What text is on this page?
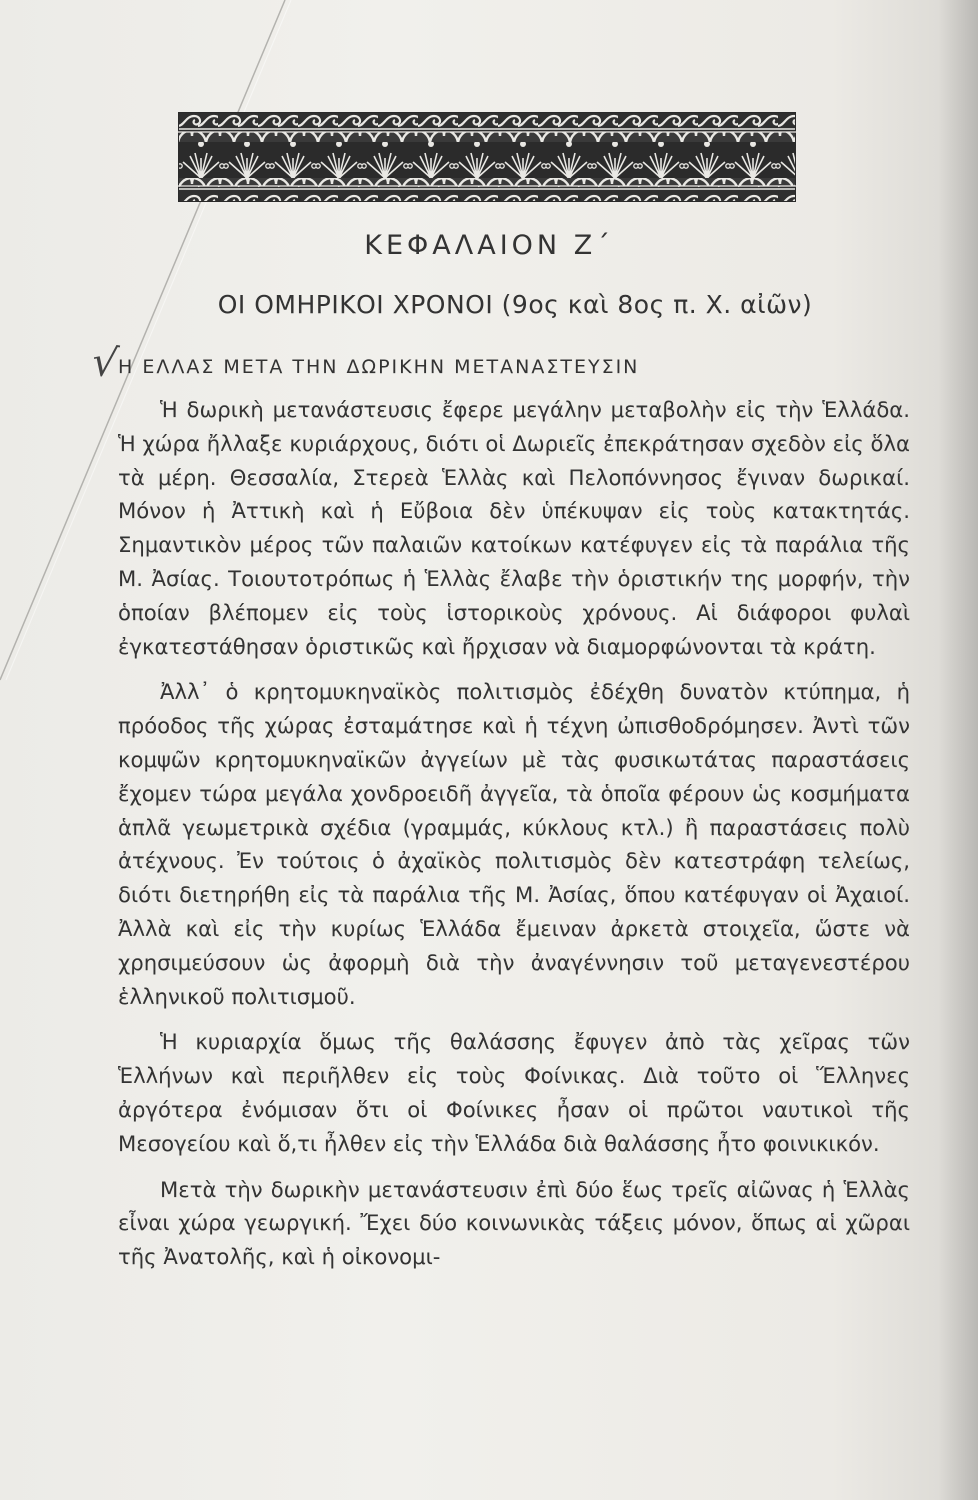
ΚΕΦΑΛΑΙΟΝ Ζ΄
ΟΙ ΟΜΗΡΙΚΟΙ ΧΡΟΝΟΙ (9ος καὶ 8ος π. Χ. αἰῶν)
√
Η ΕΛΛΑΣ ΜΕΤΑ ΤΗΝ ΔΩΡΙΚΗΝ ΜΕΤΑΝΑΣΤΕΥΣΙΝ

Ἡ δωρικὴ μετανάστευσις ἔφερε μεγάλην μεταβολὴν εἰς τὴν Ἑλλάδα. Ἡ χώρα ἤλλαξε κυριάρχους, διότι οἱ Δωριεῖς ἐπεκράτησαν σχεδὸν εἰς ὅλα τὰ μέρη. Θεσσαλία, Στερεὰ Ἑλλὰς καὶ Πελοπόννησος ἔγιναν δωρικαί. Μόνον ἡ Ἀττικὴ καὶ ἡ Εὔβοια δὲν ὑπέκυψαν εἰς τοὺς κατακτητάς. Σημαντικὸν μέρος τῶν παλαιῶν κατοίκων κατέφυγεν εἰς τὰ παράλια τῆς Μ. Ἀσίας. Τοιουτοτρόπως ἡ Ἑλλὰς ἔλαβε τὴν ὁριστικήν της μορφήν, τὴν ὁποίαν βλέπομεν εἰς τοὺς ἱστορικοὺς χρόνους. Αἱ διάφοροι φυλαὶ ἐγκατεστάθησαν ὁριστικῶς καὶ ἤρχισαν νὰ διαμορφώνονται τὰ κράτη.

Ἀλλ᾽ ὁ κρητομυκηναϊκὸς πολιτισμὸς ἐδέχθη δυνατὸν κτύπημα, ἡ πρόοδος τῆς χώρας ἐσταμάτησε καὶ ἡ τέχνη ὠπισθοδρόμησεν. Ἀντὶ τῶν κομψῶν κρητομυκηναϊκῶν ἀγγείων μὲ τὰς φυσικωτάτας παραστάσεις ἔχομεν τώρα μεγάλα χονδροειδῆ ἀγγεῖα, τὰ ὁποῖα φέρουν ὡς κοσμήματα ἁπλᾶ γεωμετρικὰ σχέδια (γραμμάς, κύκλους κτλ.) ἢ παραστάσεις πολὺ ἀτέχνους. Ἐν τούτοις ὁ ἀχαϊκὸς πολιτισμὸς δὲν κατεστράφη τελείως, διότι διετηρήθη εἰς τὰ παράλια τῆς Μ. Ἀσίας, ὅπου κατέφυγαν οἱ Ἀχαιοί. Ἀλλὰ καὶ εἰς τὴν κυρίως Ἑλλάδα ἔμειναν ἀρκετὰ στοιχεῖα, ὥστε νὰ χρησιμεύσουν ὡς ἀφορμὴ διὰ τὴν ἀναγέννησιν τοῦ μεταγενεστέρου ἑλληνικοῦ πολιτισμοῦ.

Ἡ κυριαρχία ὅμως τῆς θαλάσσης ἔφυγεν ἀπὸ τὰς χεῖρας τῶν Ἑλλήνων καὶ περιῆλθεν εἰς τοὺς Φοίνικας. Διὰ τοῦτο οἱ Ἕλληνες ἀργότερα ἐνόμισαν ὅτι οἱ Φοίνικες ἦσαν οἱ πρῶτοι ναυτικοὶ τῆς Μεσογείου καὶ ὅ,τι ἦλθεν εἰς τὴν Ἑλλάδα διὰ θαλάσσης ἦτο φοινικικόν.

Μετὰ τὴν δωρικὴν μετανάστευσιν ἐπὶ δύο ἕως τρεῖς αἰῶνας ἡ Ἑλλὰς εἶναι χώρα γεωργική. Ἔχει δύο κοινωνικὰς τάξεις μόνον, ὅπως αἱ χῶραι τῆς Ἀνατολῆς, καὶ ἡ οἰκονομι-
